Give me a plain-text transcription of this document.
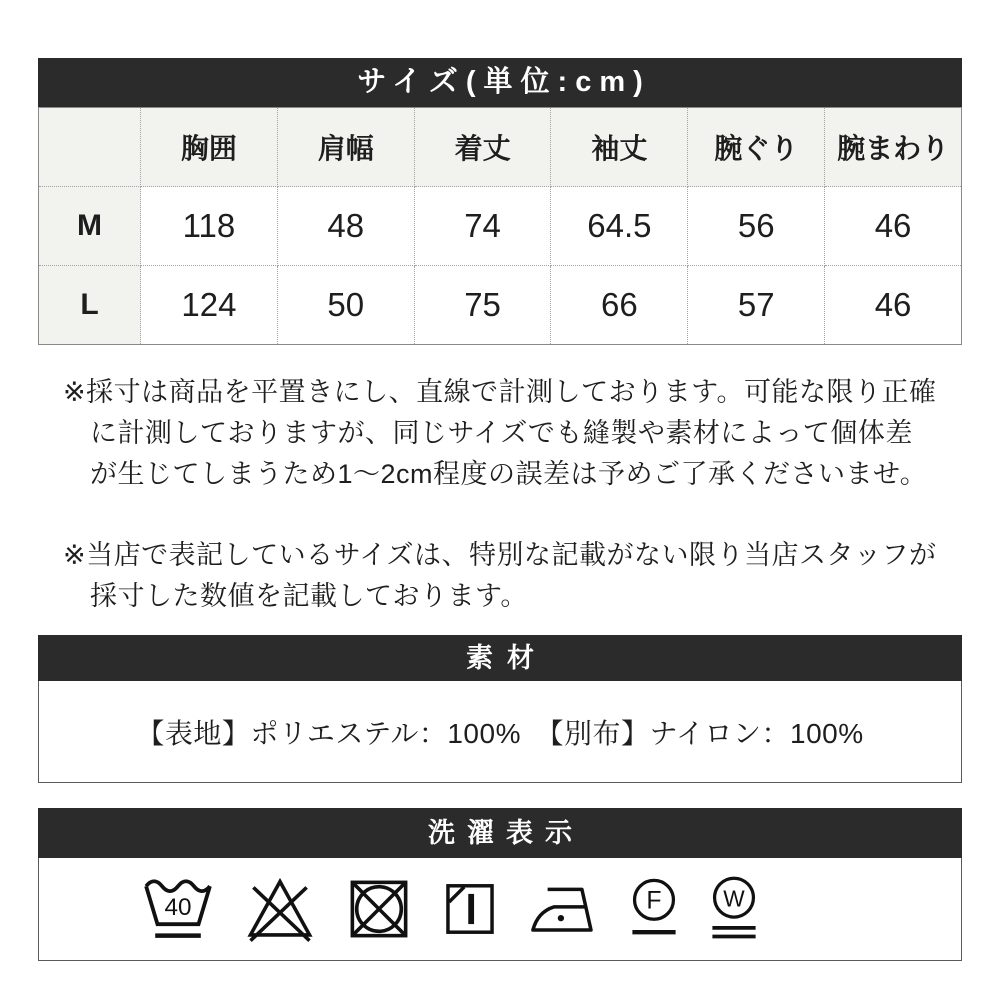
サイズ(単位:cm)
	胸囲	肩幅	着丈	袖丈	腕ぐり	腕まわり
M	118	48	74	64.5	56	46
L	124	50	75	66	57	46

※採寸は商品を平置きにし、直線で計測しております。可能な限り正確に計測しておりますが、同じサイズでも縫製や素材によって個体差が生じてしまうため1〜2cm程度の誤差は予めご了承くださいませ。

※当店で表記しているサイズは、特別な記載がない限り当店スタッフが採寸した数値を記載しております。

素材
【表地】ポリエステル：100%　【別布】ナイロン：100%
洗濯表示
40	F W
